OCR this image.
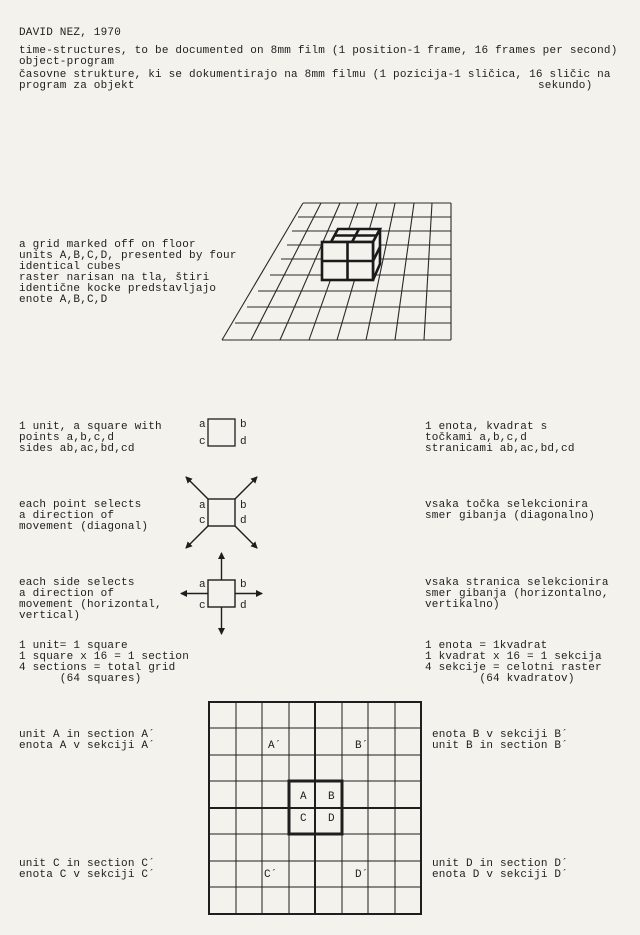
DAVID NEZ, 1970
time-structures, to be documented on 8mm film (1 position-1 frame, 16 frames per second)
object-program
časovne strukture, ki se dokumentirajo na 8mm filmu (1 pozicija-1 sličica, 16 sličic na
program za objekt	sekundo)
a grid marked off on floor
units A,B,C,D, presented by four
identical cubes
raster narisan na tla, štiri
identične kocke predstavljajo
enote A,B,C,D
1 unit, a square with
points a,b,c,d
sides ab,ac,bd,cd
1 enota, kvadrat s
točkami a,b,c,d
stranicami ab,ac,bd,cd
each point selects
a direction of
movement (diagonal)
vsaka točka selekcionira
smer gibanja (diagonalno)
each side selects
a direction of
movement (horizontal,
vertical)
vsaka stranica selekcionira
smer gibanja (horizontalno,
vertikalno)
1 unit= 1 square
1 square x 16 = 1 section
4 sections = total grid
(64 squares)
1 enota = 1kvadrat
1 kvadrat x 16 = 1 sekcija
4 sekcije = celotni raster
(64 kvadratov)
unit A in section A´
enota A v sekciji A´
enota B v sekciji B´
unit B in section B´
unit C in section C´
enota C v sekciji C´
unit D in section D´
enota D v sekciji D´
a	b
c	d
a	b
c	d
a	b
c	d
A´	B´
C´	D´
A B
C D
